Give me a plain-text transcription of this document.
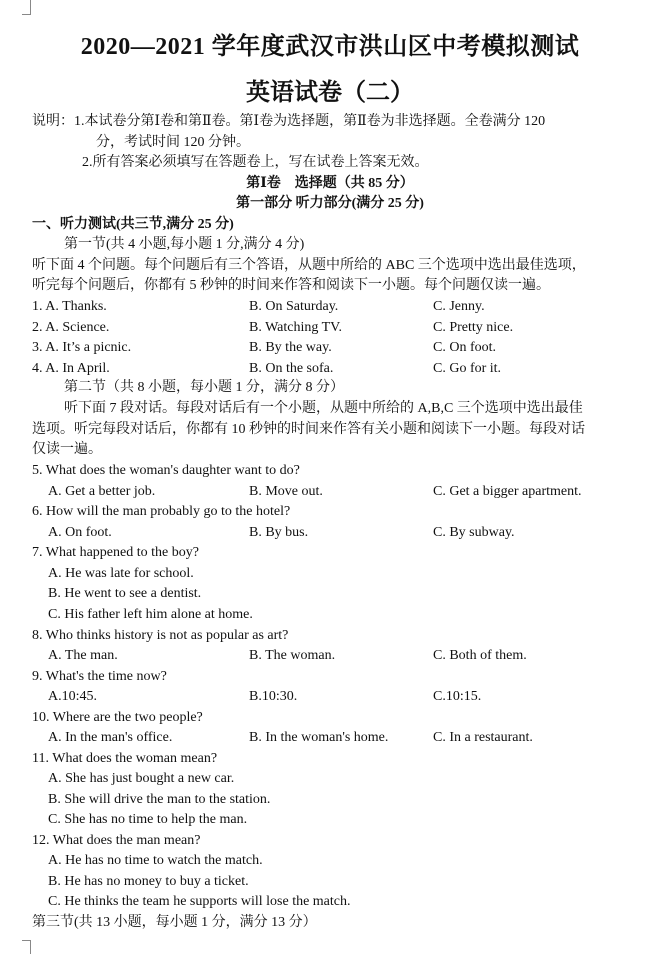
2020—2021 学年度武汉市洪山区中考模拟测试
英语试卷（二）
说明：1.本试卷分第Ⅰ卷和第Ⅱ卷。第Ⅰ卷为选择题，第Ⅱ卷为非选择题。全卷满分 120
分，考试时间 120 分钟。
2.所有答案必须填写在答题卷上，写在试卷上答案无效。
第Ⅰ卷　选择题（共 85 分）
第一部分 听力部分(满分 25 分)
一、听力测试(共三节,满分 25 分)
第一节(共 4 小题,每小题 1 分,满分 4 分)
听下面 4 个问题。每个问题后有三个答语，从题中所给的 ABC 三个选项中选出最佳选项，
听完每个问题后，你都有 5 秒钟的时间来作答和阅读下一小题。每个问题仅读一遍。
1. A. Thanks.	B. On Saturday.	C. Jenny.
2. A. Science.	B. Watching TV.	C. Pretty nice.
3. A. It’s a picnic.	B. By the way.	C. On foot.
4. A. In April.	B. On the sofa.	C. Go for it.
第二节（共 8 小题，每小题 1 分，满分 8 分）
听下面 7 段对话。每段对话后有一个小题，从题中所给的 A,B,C 三个选项中选出最佳
选项。听完每段对话后，你都有 10 秒钟的时间来作答有关小题和阅读下一小题。每段对话
仅读一遍。
5. What does the woman's daughter want to do?
A. Get a better job.	B. Move out.	C. Get a bigger apartment.
6. How will the man probably go to the hotel?
A. On foot.	B. By bus.	C. By subway.
7. What happened to the boy?
A. He was late for school.
B. He went to see a dentist.
C. His father left him alone at home.
8. Who thinks history is not as popular as art?
A. The man.	B. The woman.	C. Both of them.
9. What's the time now?
A.10:45.	B.10:30.	C.10:15.
10. Where are the two people?
A. In the man's office.	B. In the woman's home.	C. In a restaurant.
11. What does the woman mean?
A. She has just bought a new car.
B. She will drive the man to the station.
C. She has no time to help the man.
12. What does the man mean?
A. He has no time to watch the match.
B. He has no money to buy a ticket.
C. He thinks the team he supports will lose the match.
第三节(共 13 小题，每小题 1 分，满分 13 分）
